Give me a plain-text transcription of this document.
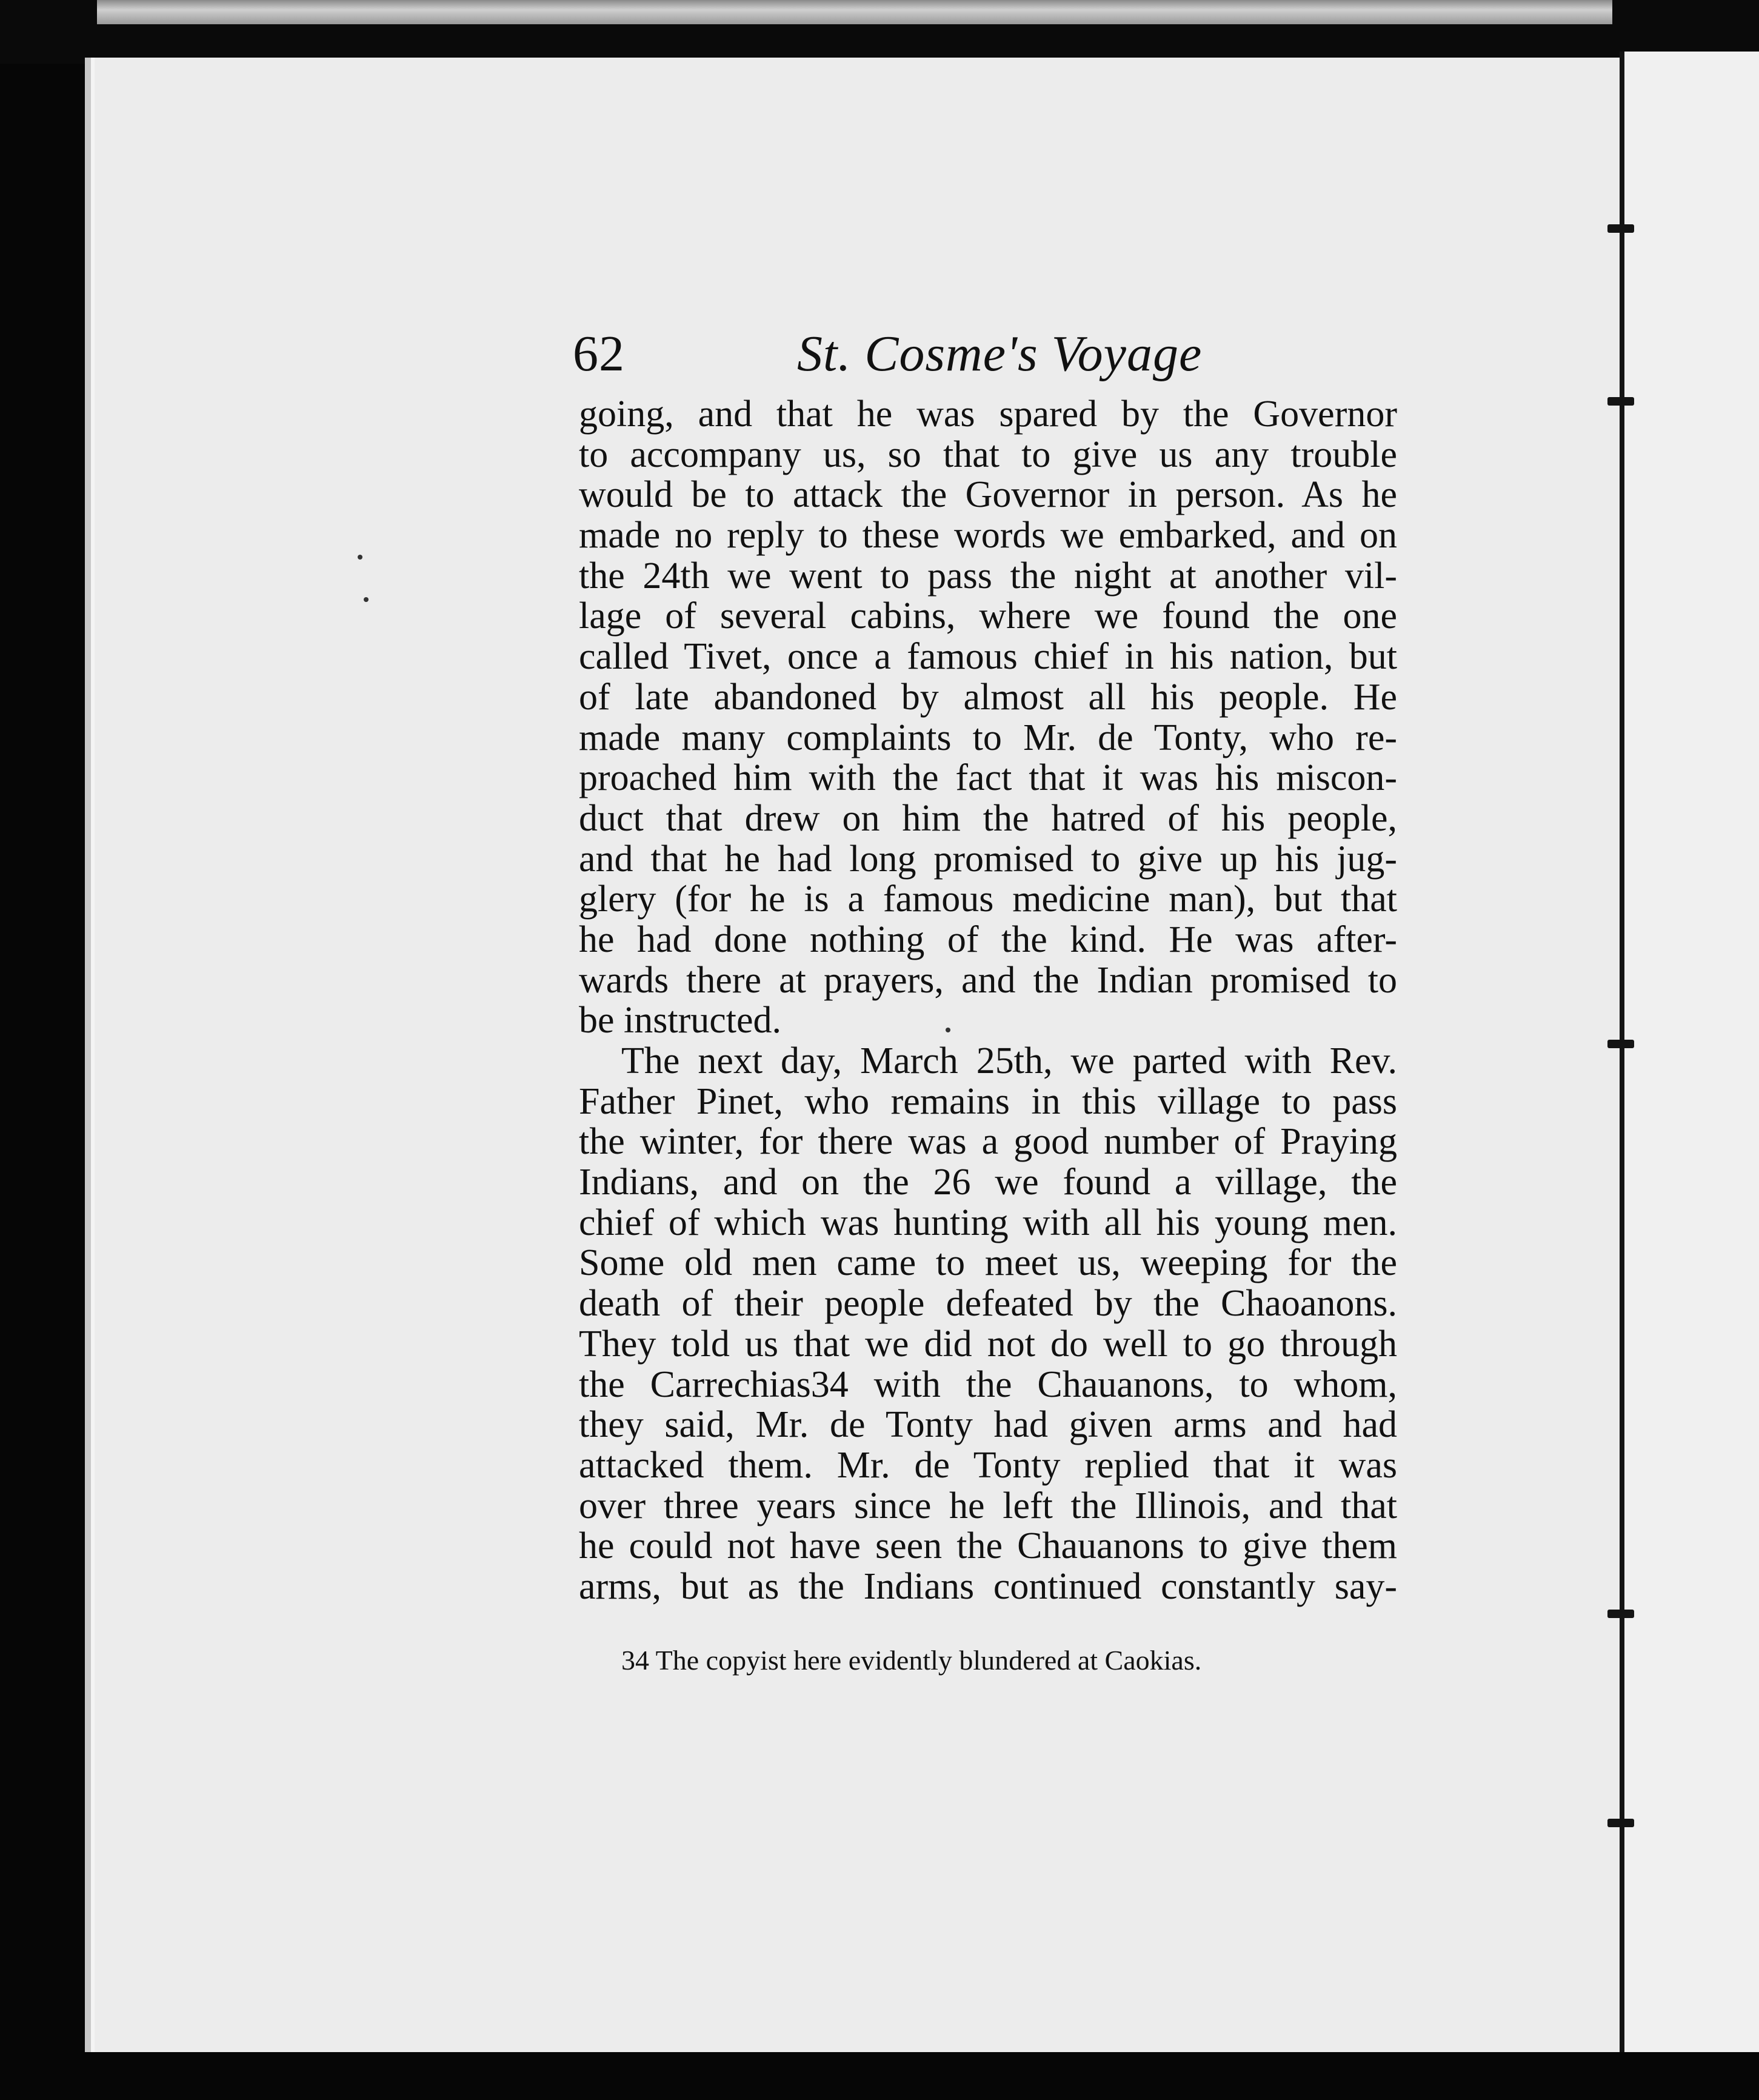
62	St. Cosme's Voyage
going, and that he was spared by the Governor
to accompany us, so that to give us any trouble
would be to attack the Governor in person. As he
made no reply to these words we embarked, and on
the 24th we went to pass the night at another vil-
lage of several cabins, where we found the one
called Tivet, once a famous chief in his nation, but
of late abandoned by almost all his people. He
made many complaints to Mr. de Tonty, who re-
proached him with the fact that it was his miscon-
duct that drew on him the hatred of his people,
and that he had long promised to give up his jug-
glery (for he is a famous medicine man), but that
he had done nothing of the kind. He was after-
wards there at prayers, and the Indian promised to
be instructed.
The next day, March 25th, we parted with Rev.
Father Pinet, who remains in this village to pass
the winter, for there was a good number of Praying
Indians, and on the 26 we found a village, the
chief of which was hunting with all his young men.
Some old men came to meet us, weeping for the
death of their people defeated by the Chaoanons.
They told us that we did not do well to go through
the Carrechias34 with the Chauanons, to whom,
they said, Mr. de Tonty had given arms and had
attacked them. Mr. de Tonty replied that it was
over three years since he left the Illinois, and that
he could not have seen the Chauanons to give them
arms, but as the Indians continued constantly say-
34 The copyist here evidently blundered at Caokias.
